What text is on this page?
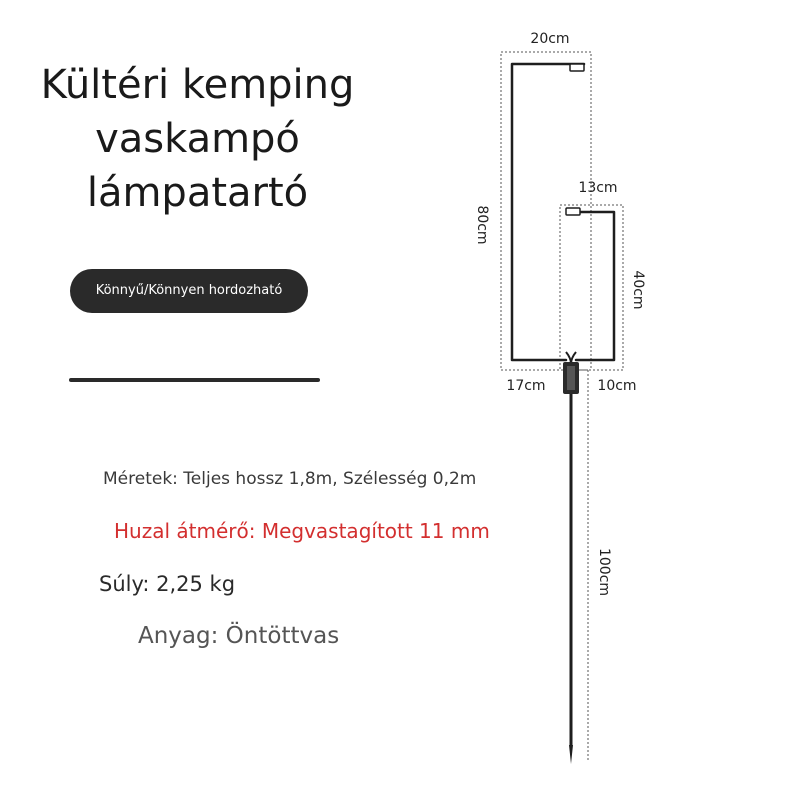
Kültéri kemping
vaskampó
lámpatartó
Könnyű/Könnyen hordozható
Méretek: Teljes hossz 1,8m, Szélesség 0,2m
Huzal átmérő: Megvastagított 11 mm
Súly: 2,25 kg
Anyag: Öntöttvas
20cm
13cm
80cm
40cm
17cm	10cm
100cm
